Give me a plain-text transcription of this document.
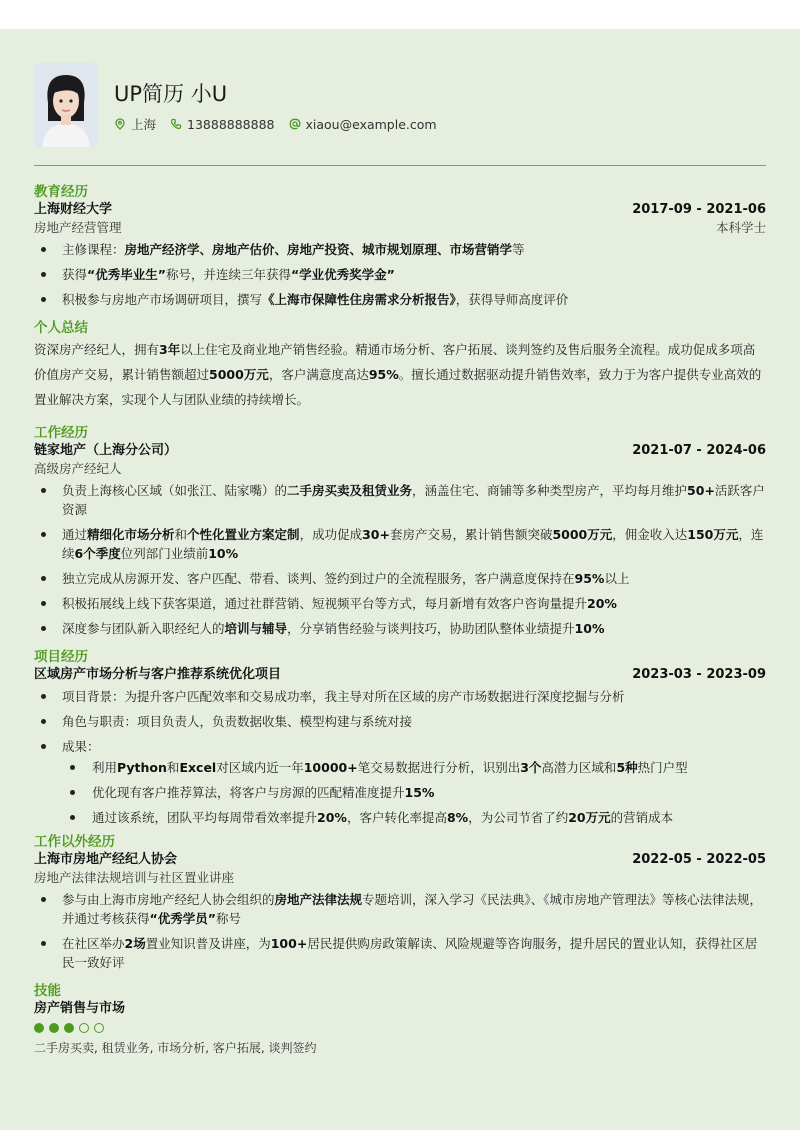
UP简历 小U
上海 13888888888 xiaou@example.com
教育经历
上海财经大学	2017-09 - 2021-06
房地产经营管理	本科学士
主修课程：房地产经济学、房地产估价、房地产投资、城市规划原理、市场营销学等
获得“优秀毕业生”称号，并连续三年获得“学业优秀奖学金”
积极参与房地产市场调研项目，撰写《上海市保障性住房需求分析报告》，获得导师高度评价
个人总结

资深房产经纪人，拥有3年以上住宅及商业地产销售经验。精通市场分析、客户拓展、谈判签约及售后服务全流程。成功促成多项高价值房产交易，累计销售额超过5000万元，客户满意度高达95%。擅长通过数据驱动提升销售效率，致力于为客户提供专业高效的置业解决方案，实现个人与团队业绩的持续增长。

工作经历
链家地产（上海分公司）	2021-07 - 2024-06
高级房产经纪人
负责上海核心区域（如张江、陆家嘴）的二手房买卖及租赁业务，涵盖住宅、商铺等多种类型房产，平均每月维护50+活跃客户资源
通过精细化市场分析和个性化置业方案定制，成功促成30+套房产交易，累计销售额突破5000万元，佣金收入达150万元，连续6个季度位列部门业绩前10%
独立完成从房源开发、客户匹配、带看、谈判、签约到过户的全流程服务，客户满意度保持在95%以上
积极拓展线上线下获客渠道，通过社群营销、短视频平台等方式，每月新增有效客户咨询量提升20%
深度参与团队新入职经纪人的培训与辅导，分享销售经验与谈判技巧，协助团队整体业绩提升10%
项目经历
区域房产市场分析与客户推荐系统优化项目	2023-03 - 2023-09
项目背景：为提升客户匹配效率和交易成功率，我主导对所在区域的房产市场数据进行深度挖掘与分析
角色与职责：项目负责人，负责数据收集、模型构建与系统对接
成果：
利用Python和Excel对区域内近一年10000+笔交易数据进行分析，识别出3个高潜力区域和5种热门户型
优化现有客户推荐算法，将客户与房源的匹配精准度提升15%
通过该系统，团队平均每周带看效率提升20%，客户转化率提高8%，为公司节省了约20万元的营销成本
工作以外经历
上海市房地产经纪人协会	2022-05 - 2022-05
房地产法律法规培训与社区置业讲座
参与由上海市房地产经纪人协会组织的房地产法律法规专题培训，深入学习《民法典》、《城市房地产管理法》等核心法律法规，并通过考核获得“优秀学员”称号
在社区举办2场置业知识普及讲座，为100+居民提供购房政策解读、风险规避等咨询服务，提升居民的置业认知，获得社区居民一致好评
技能
房产销售与市场
二手房买卖, 租赁业务, 市场分析, 客户拓展, 谈判签约
